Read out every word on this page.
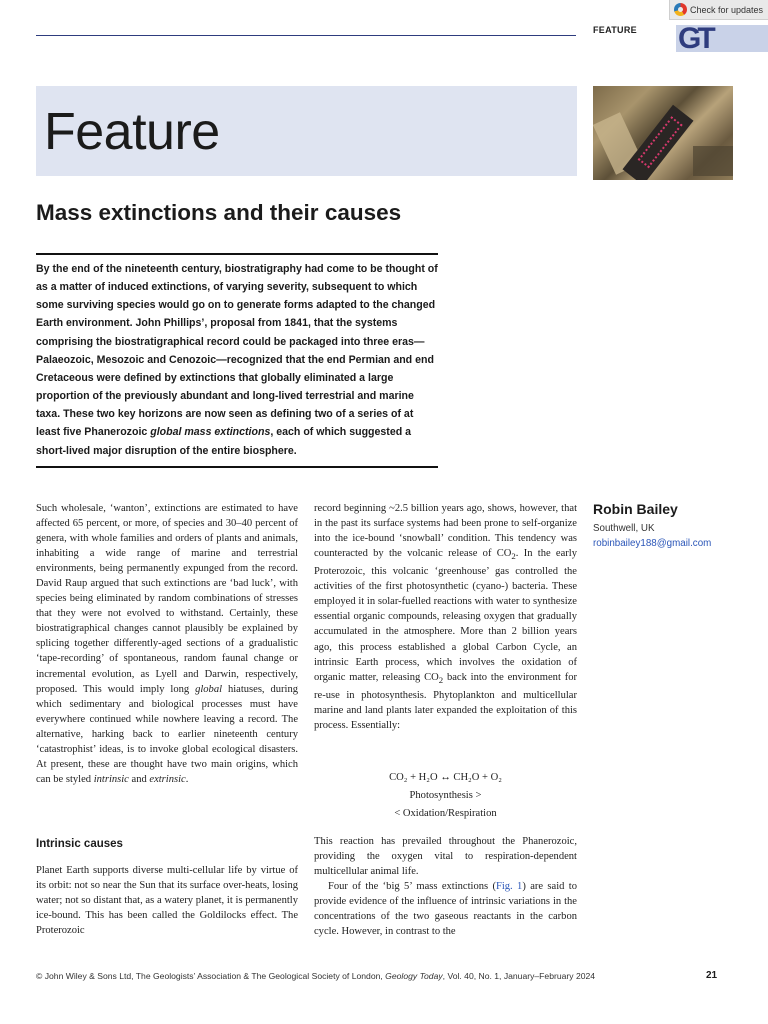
Check for updates
FEATURE GT
Feature
Mass extinctions and their causes

By the end of the nineteenth century, biostratigraphy had come to be thought of as a matter of induced extinctions, of varying severity, subsequent to which some surviving species would go on to generate forms adapted to the changed Earth environment. John Phillips’, proposal from 1841, that the systems comprising the biostratigraphical record could be packaged into three eras—Palaeozoic, Mesozoic and Cenozoic—recognized that the end Permian and end Cretaceous were defined by extinctions that globally eliminated a large proportion of the previously abundant and long-lived terrestrial and marine taxa. These two key horizons are now seen as defining two of a series of at least five Phanerozoic global mass extinctions, each of which suggested a short-lived major disruption of the entire biosphere.

Such wholesale, ‘wanton’, extinctions are estimated to have affected 65 percent, or more, of species and 30–40 percent of genera, with whole families and orders of plants and animals, inhabiting a wide range of marine and terrestrial environments, being permanently expunged from the record. David Raup argued that such extinctions are ‘bad luck’, with species being eliminated by random combinations of stresses that they were not evolved to withstand. Certainly, these biostratigraphical changes cannot plausibly be explained by splicing together differently-aged sections of a gradualistic ‘tape-recording’ of spontaneous, random faunal change or incremental evolution, as Lyell and Darwin, respectively, proposed. This would imply long global hiatuses, during which sedimentary and biological processes must have everywhere continued while nowhere leaving a record. The alternative, harking back to earlier nineteenth century ‘catastrophist’ ideas, is to invoke global ecological disasters. At present, these are thought have two main origins, which can be styled intrinsic and extrinsic.

Intrinsic causes

Planet Earth supports diverse multi-cellular life by virtue of its orbit: not so near the Sun that its surface over-heats, losing water; not so distant that, as a watery planet, it is permanently ice-bound. This has been called the Goldilocks effect. The Proterozoic

record beginning ~2.5 billion years ago, shows, however, that in the past its surface systems had been prone to self-organize into the ice-bound ‘snowball’ condition. This tendency was counteracted by the volcanic release of $CO_2$. In the early Proterozoic, this volcanic ‘greenhouse’ gas controlled the activities of the first photosynthetic (cyano-) bacteria. These employed it in solar-fuelled reactions with water to synthesize essential organic compounds, releasing oxygen that gradually accumulated in the atmosphere. More than 2 billion years ago, this process established a global Carbon Cycle, an intrinsic Earth process, which involves the oxidation of organic matter, releasing $CO_2$ back into the environment for re-use in photosynthesis. Phytoplankton and multicellular marine and land plants later expanded the exploitation of this process. Essentially:

CO₂ + H₂O ↔ CH₂O + O₂
Photosynthesis >
< Oxidation/Respiration

This reaction has prevailed throughout the Phanerozoic, providing the oxygen vital to respiration-dependent multicellular animal life.

Four of the ‘big 5’ mass extinctions (Fig. 1) are said to provide evidence of the influence of intrinsic variations in the concentrations of the two gaseous reactants in the carbon cycle. However, in contrast to the

Robin Bailey
Southwell, UK
robinbailey188@gmail.com
© John Wiley & Sons Ltd, The Geologists’ Association & The Geological Society of London, Geology Today, Vol. 40, No. 1, January–February 2024	21
